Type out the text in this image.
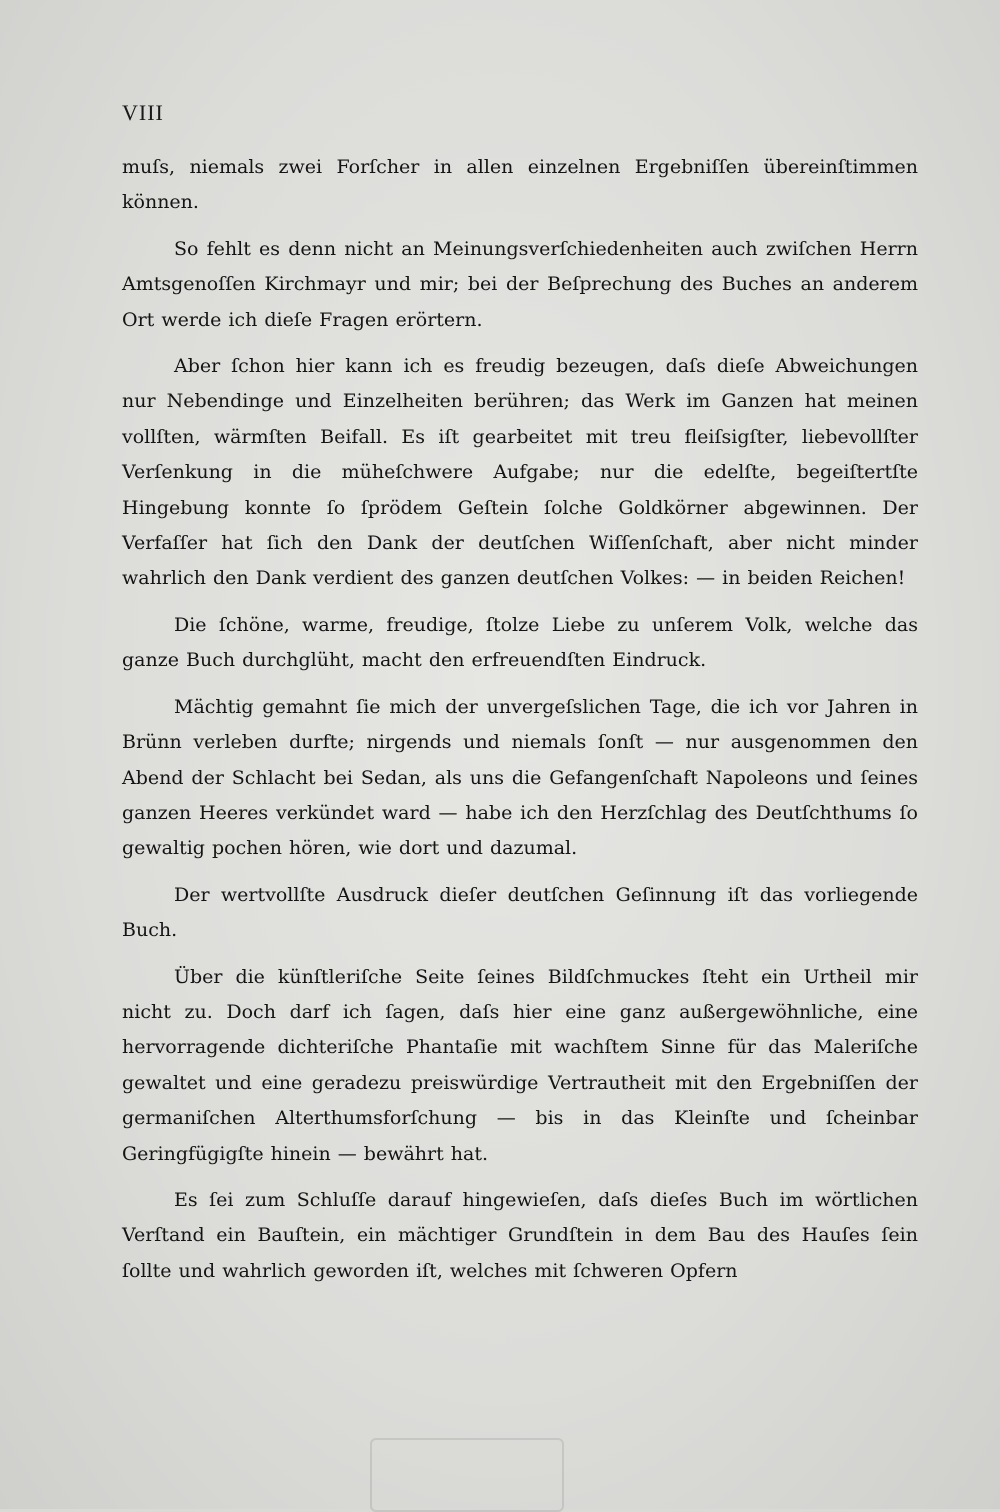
VIII

muſs, niemals zwei Forſcher in allen einzelnen Ergebniſſen übereinſtimmen können.

So fehlt es denn nicht an Meinungsverſchiedenheiten auch zwiſchen Herrn Amtsgenoſſen Kirchmayr und mir; bei der Beſprechung des Buches an anderem Ort werde ich dieſe Fragen erörtern.

Aber ſchon hier kann ich es freudig bezeugen, daſs dieſe Abweichungen nur Nebendinge und Einzelheiten berühren; das Werk im Ganzen hat meinen vollſten, wärmſten Beifall. Es iſt gearbeitet mit treu fleiſsigſter, liebevollſter Verſenkung in die müheſchwere Aufgabe; nur die edelſte, begeiſtertſte Hingebung konnte ſo ſprödem Geſtein ſolche Goldkörner abgewinnen. Der Verfaſſer hat ſich den Dank der deutſchen Wiſſenſchaft, aber nicht minder wahrlich den Dank verdient des ganzen deutſchen Volkes: — in beiden Reichen!

Die ſchöne, warme, freudige, ſtolze Liebe zu unſerem Volk, welche das ganze Buch durchglüht, macht den erfreuendſten Eindruck.

Mächtig gemahnt ſie mich der unvergeſslichen Tage, die ich vor Jahren in Brünn verleben durfte; nirgends und niemals ſonſt — nur ausgenommen den Abend der Schlacht bei Sedan, als uns die Gefangenſchaft Napoleons und ſeines ganzen Heeres verkündet ward — habe ich den Herzſchlag des Deutſchthums ſo gewaltig pochen hören, wie dort und dazumal.

Der wertvollſte Ausdruck dieſer deutſchen Geſinnung iſt das vorliegende Buch.

Über die künſtleriſche Seite ſeines Bildſchmuckes ſteht ein Urtheil mir nicht zu. Doch darf ich ſagen, daſs hier eine ganz außergewöhnliche, eine hervorragende dichteriſche Phantaſie mit wachſtem Sinne für das Maleriſche gewaltet und eine geradezu preiswürdige Vertrautheit mit den Ergebniſſen der germaniſchen Alterthumsforſchung — bis in das Kleinſte und ſcheinbar Geringfügigſte hinein — bewährt hat.

Es ſei zum Schluſſe darauf hingewieſen, daſs dieſes Buch im wörtlichen Verſtand ein Bauſtein, ein mächtiger Grundſtein in dem Bau des Hauſes ſein ſollte und wahrlich geworden iſt, welches mit ſchweren Opfern
